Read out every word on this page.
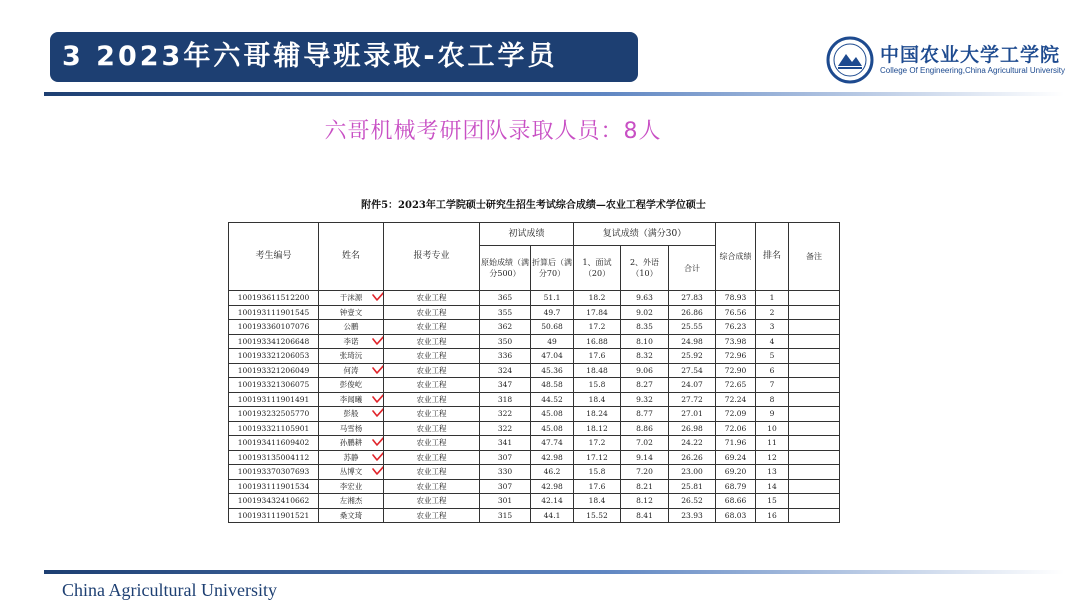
3 2023年六哥辅导班录取-农工学员	中国农业大学工学院
College Of Engineering,China Agricultural University
六哥机械考研团队录取人员：8人
附件5：2023年工学院硕士研究生招生考试综合成绩—农业工程学术学位硕士
考生编号	姓名	报考专业	初试成绩		复试成绩（满分30）			综合成绩	排名	备注
			原始成绩（满分500）	折算后（满分70）	1、面试（20）	2、外语（10）	合计			
100193611512200	于沫源	农业工程	365	51.1	18.2	9.63	27.83	78.93	1	
100193111901545	钟壹文	农业工程	355	49.7	17.84	9.02	26.86	76.56	2	
100193360107076	公鹏	农业工程	362	50.68	17.2	8.35	25.55	76.23	3	
100193341206648	李诺	农业工程	350	49	16.88	8.10	24.98	73.98	4	
100193321206053	张琦沅	农业工程	336	47.04	17.6	8.32	25.92	72.96	5	
100193321206049	何涛	农业工程	324	45.36	18.48	9.06	27.54	72.90	6	
100193321306075	彭俊屹	农业工程	347	48.58	15.8	8.27	24.07	72.65	7	
100193111901491	李闻曦	农业工程	318	44.52	18.4	9.32	27.72	72.24	8	
100193232505770	彭般	农业工程	322	45.08	18.24	8.77	27.01	72.09	9	
100193321105901	马雪杨	农业工程	322	45.08	18.12	8.86	26.98	72.06	10	
100193411609402	孙鹏耕	农业工程	341	47.74	17.2	7.02	24.22	71.96	11	
100193135004112	苏静	农业工程	307	42.98	17.12	9.14	26.26	69.24	12	
100193370307693	丛博文	农业工程	330	46.2	15.8	7.20	23.00	69.20	13	
100193111901534	李宏业	农业工程	307	42.98	17.6	8.21	25.81	68.79	14	
100193432410662	左湘杰	农业工程	301	42.14	18.4	8.12	26.52	68.66	15	
100193111901521	桑文琦	农业工程	315	44.1	15.52	8.41	23.93	68.03	16	
China Agricultural University
